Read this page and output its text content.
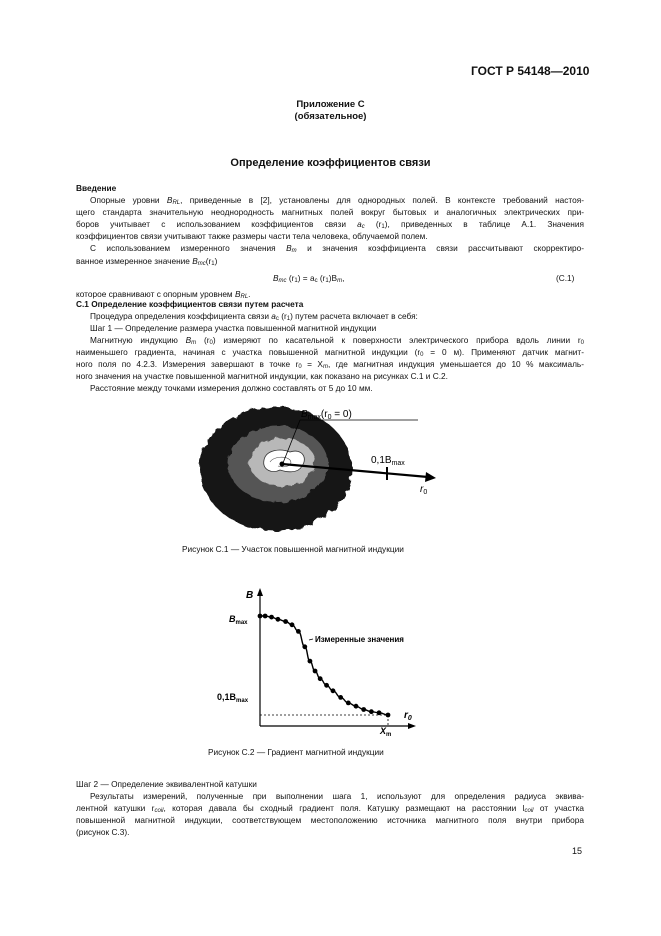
ГОСТ Р 54148—2010
Приложение С
(обязательное)
Определение коэффициентов связи
Введение
Опорные уровни $B_{RL}$, приведенные в [2], установлены для однородных полей. В контексте требований настоя-
щего стандарта значительную неоднородность магнитных полей вокруг бытовых и аналогичных электрических при-
боров учитывает с использованием коэффициентов связи $a_c$ $(r_1)$, приведенных в таблице А.1. Значения
коэффициентов связи учитывают также размеры части тела человека, облучаемой полем.
С использованием измеренного значения $B_m$ и значения коэффициента связи рассчитывают скорректиро-
ванное измеренное значение $B_{mc}(r_1)$
$B_{mc}$ $(r_1) = a_c$ $(r_1)B_m$,	(С.1)
которое сравнивают с опорным уровнем $B_{RL}$.
С.1 Определение коэффициентов связи путем расчета
Процедура определения коэффициента связи $a_c$ $(r_1)$ путем расчета включает в себя:
Шаг 1 — Определение размера участка повышенной магнитной индукции
Магнитную индукцию $B_m$ $(r_0)$ измеряют по касательной к поверхности электрического прибора вдоль линии $r_0$
наименьшего градиента, начиная с участка повышенной магнитной индукции ($r_0 = 0$ м). Применяют датчик магнит-
ного поля по 4.2.3. Измерения завершают в точке $r_0 = X_m$, где магнитная индукция уменьшается до 10 % максималь-
ного значения на участке повышенной магнитной индукции, как показано на рисунках С.1 и С.2.
Расстояние между точками измерения должно составлять от 5 до 10 мм.
$B_{max}(r_0 = 0)$
$0,1B_{max}$
$r_0$
Рисунок С.1 — Участок повышенной магнитной индукции
B
$r_0$
$B_{max}$
$0,1B_{max}$
$X_m$
Измеренные значения
Рисунок С.2 — Градиент магнитной индукции
Шаг 2 — Определение эквивалентной катушки
Результаты измерений, полученные при выполнении шага 1, используют для определения радиуса эквива-
лентной катушки $r_{coil}$, которая давала бы сходный градиент поля. Катушку размещают на расстоянии $l_{coil}$ от участка
повышенной магнитной индукции, соответствующем местоположению источника магнитного поля внутри прибора
(рисунок С.3).
15
